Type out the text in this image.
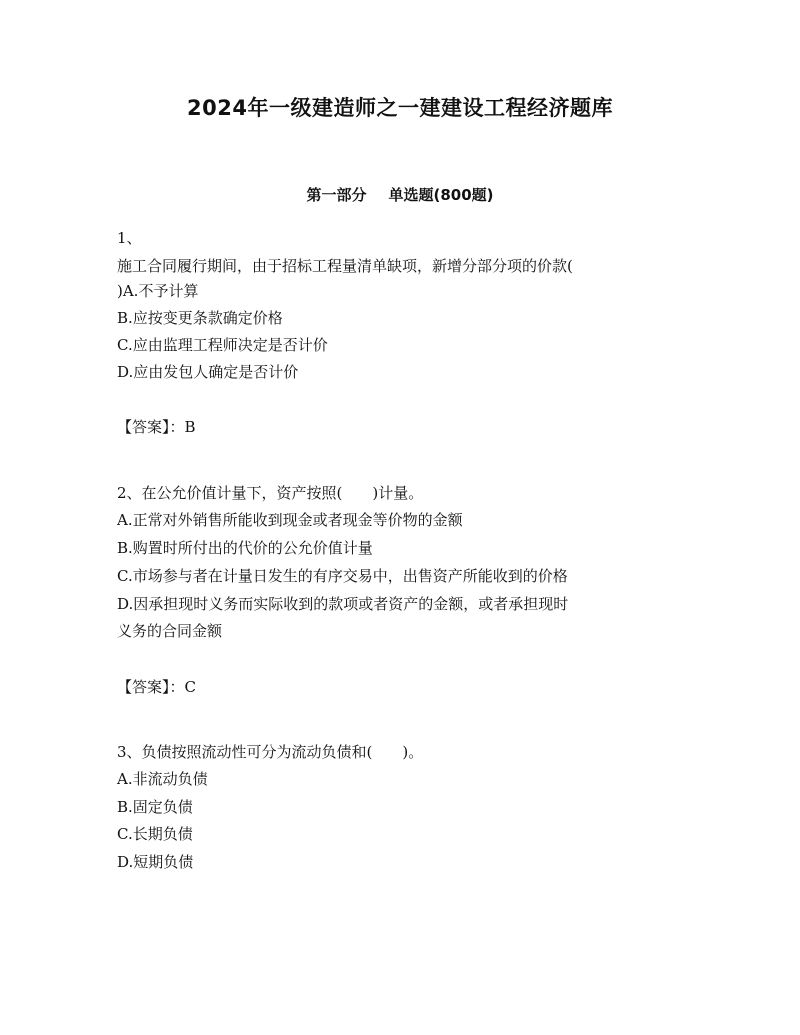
2024年一级建造师之一建建设工程经济题库
第一部分 单选题(800题)
1、
施工合同履行期间，由于招标工程量清单缺项，新增分部分项的价款(
)A.不予计算
B.应按变更条款确定价格
C.应由监理工程师决定是否计价
D.应由发包人确定是否计价
【答案】：B
2、在公允价值计量下，资产按照(　　)计量。
A.正常对外销售所能收到现金或者现金等价物的金额
B.购置时所付出的代价的公允价值计量
C.市场参与者在计量日发生的有序交易中，出售资产所能收到的价格
D.因承担现时义务而实际收到的款项或者资产的金额，或者承担现时
义务的合同金额
【答案】：C
3、负债按照流动性可分为流动负债和(　　)。
A.非流动负债
B.固定负债
C.长期负债
D.短期负债
